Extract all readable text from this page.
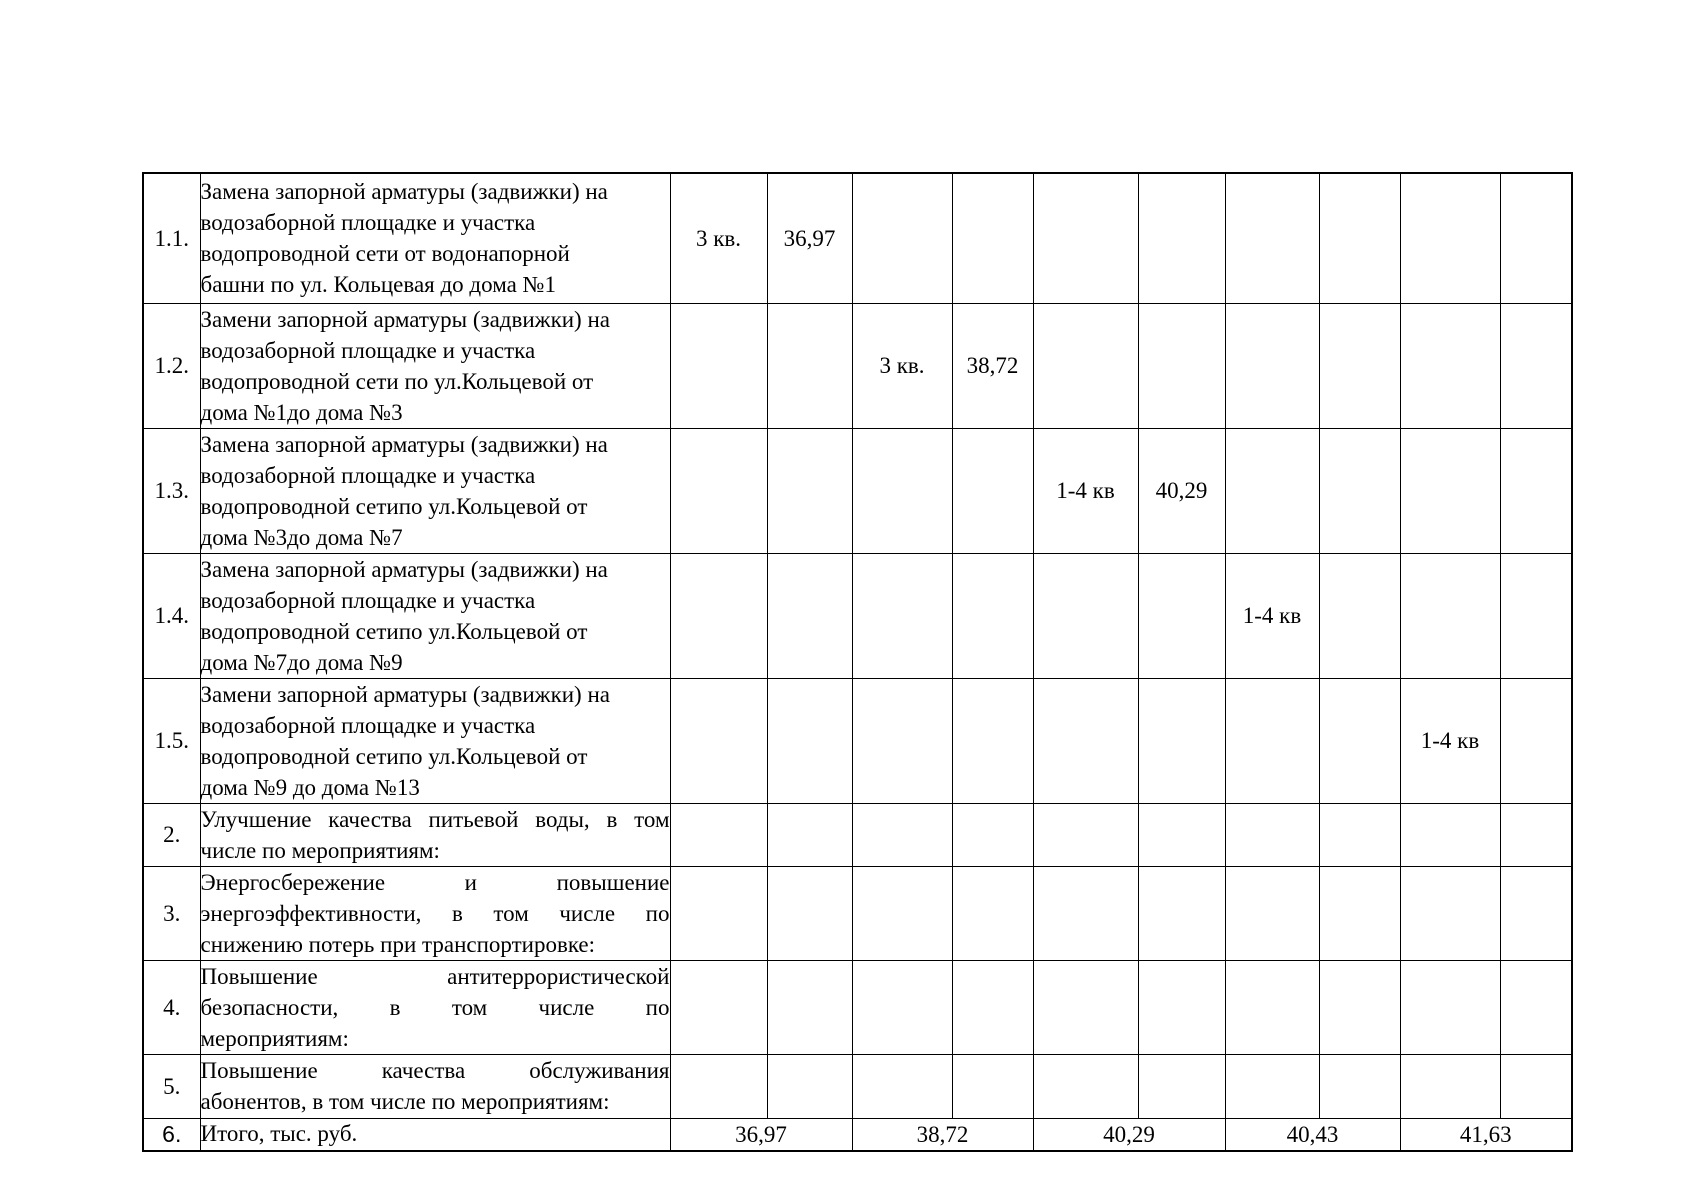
1.1.	Замена запорной арматуры (задвижки) на
водозаборной площадке и участка
водопроводной сети от водонапорной
башни по ул. Кольцевая до дома №1	3 кв.	36,97								
1.2.	Замени запорной арматуры (задвижки) на
водозаборной площадке и участка
водопроводной сети по ул.Кольцевой от
дома №1до дома №3			3 кв.	38,72						
1.3.	Замена запорной арматуры (задвижки) на
водозаборной площадке и участка
водопроводной сетипо ул.Кольцевой от
дома №3до дома №7					1-4 кв	40,29				
1.4.	Замена запорной арматуры (задвижки) на
водозаборной площадке и участка
водопроводной сетипо ул.Кольцевой от
дома №7до дома №9							1-4 кв			
1.5.	Замени запорной арматуры (задвижки) на
водозаборной площадке и участка
водопроводной сетипо ул.Кольцевой от
дома №9 до дома №13									1-4 кв	
2.	Улучшение качества питьевой воды, в том
числе по мероприятиям:										

3.	Энергосбережение и повышение
энергоэффективности, в том числе по
снижению потерь при транспортировке:										

4.	Повышение антитеррористической
безопасности, в том числе по
мероприятиям:										

5.	Повышение качества обслуживания
абонентов, в том числе по мероприятиям:										

6.	Итого, тыс. руб.	36,97		38,72		40,29		40,43		41,63	
